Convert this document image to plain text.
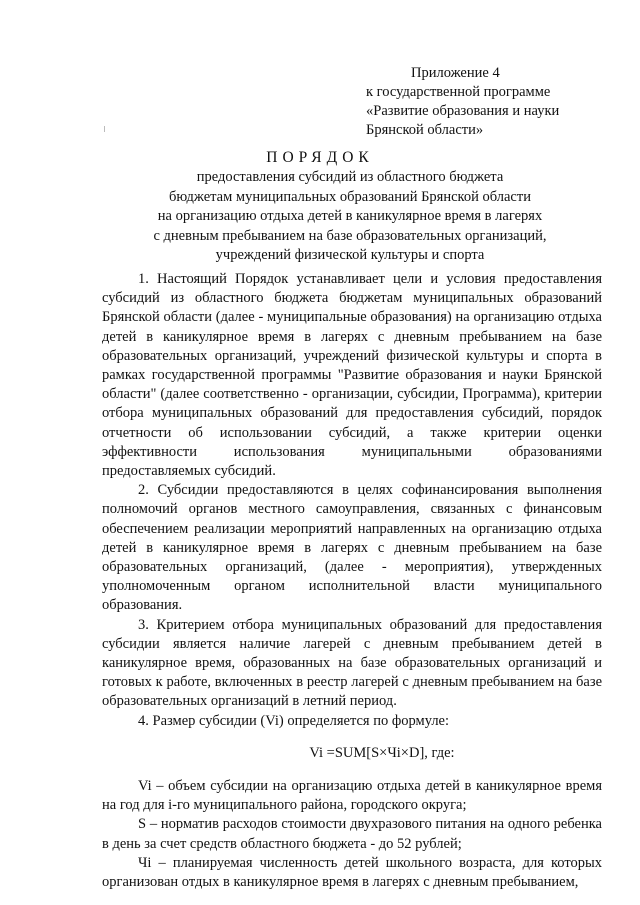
Приложение 4
к государственной программе
«Развитие образования и науки
Брянской области»
ПОРЯДОК
предоставления субсидий из областного бюджета
бюджетам муниципальных образований Брянской области
на организацию отдыха детей в каникулярное время в лагерях
с дневным пребыванием на базе образовательных организаций,
учреждений физической культуры и спорта

1. Настоящий Порядок устанавливает цели и условия предоставления субсидий из областного бюджета бюджетам муниципальных образований Брянской области (далее - муниципальные образования) на организацию отдыха детей в каникулярное время в лагерях с дневным пребыванием на базе образовательных организаций, учреждений физической культуры и спорта в рамках государственной программы "Развитие образования и науки Брянской области" (далее соответственно - организации, субсидии, Программа), критерии отбора муниципальных образований для предоставления субсидий, порядок отчетности об использовании субсидий, а также критерии оценки эффективности использования муниципальными образованиями предоставляемых субсидий.

2. Субсидии предоставляются в целях софинансирования выполнения полномочий органов местного самоуправления, связанных с финансовым обеспечением реализации мероприятий направленных на организацию отдыха детей в каникулярное время в лагерях с дневным пребыванием на базе образовательных организаций, (далее - мероприятия), утвержденных уполномоченным органом исполнительной власти муниципального образования.

3. Критерием отбора муниципальных образований для предоставления субсидии является наличие лагерей с дневным пребыванием детей в каникулярное время, образованных на базе образовательных организаций и готовых к работе, включенных в реестр лагерей с дневным пребыванием на базе образовательных организаций в летний период.

4. Размер субсидии (Vi) определяется по формуле:

Vi =SUM[S×Чi×D], где:

Vi – объем субсидии на организацию отдыха детей в каникулярное время на год для i-го муниципального района, городского округа;

S – норматив расходов стоимости двухразового питания на одного ребенка в день за счет средств областного бюджета - до 52 рублей;

Чi – планируемая численность детей школьного возраста, для которых организован отдых в каникулярное время в лагерях с дневным пребыванием,
